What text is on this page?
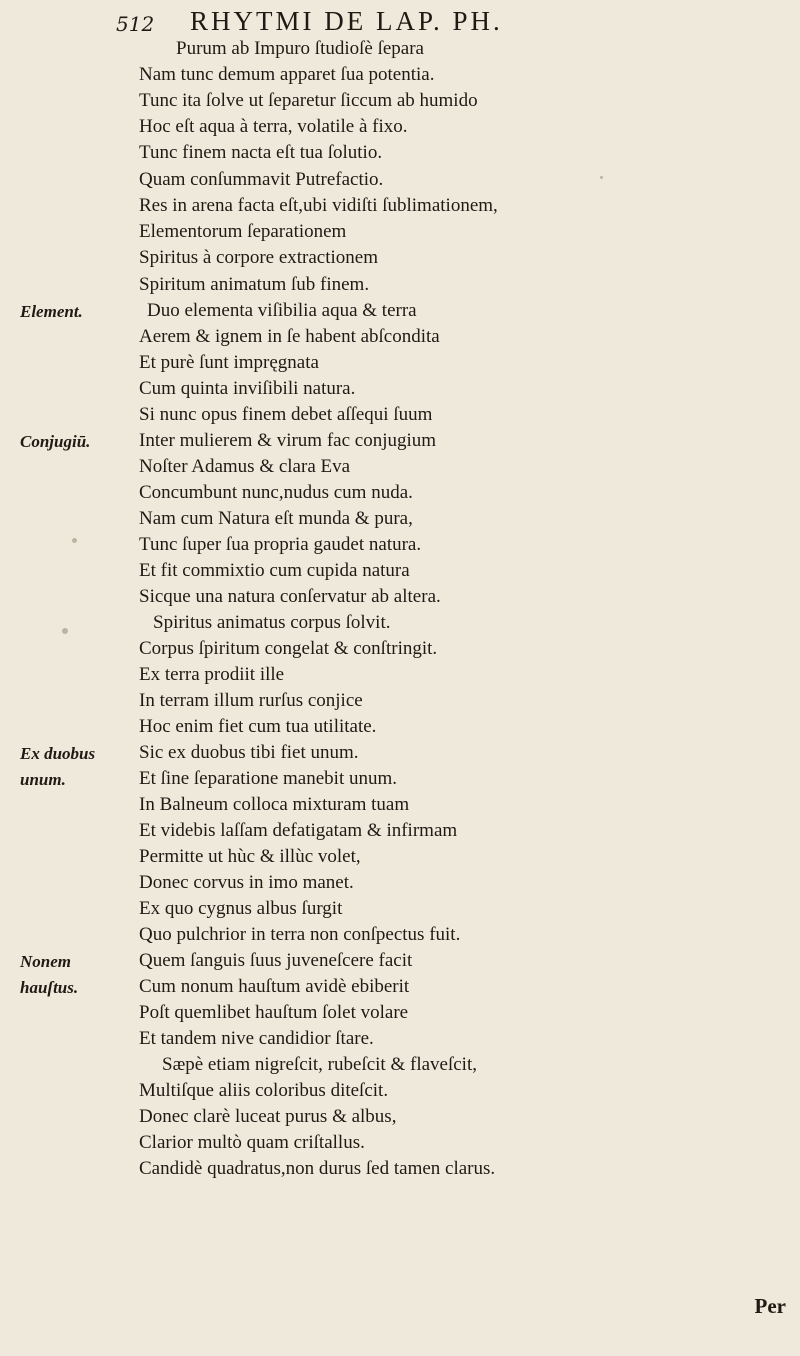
512 RHYTMI DE LAP. PH.
Purum ab Impuro ſtudioſè ſepara
Nam tunc demum apparet ſua potentia.
Tunc ita ſolve ut ſeparetur ſiccum ab humido
Hoc eſt aqua à terra, volatile à fixo.
Tunc finem nacta eſt tua ſolutio.
Quam conſummavit Putrefactio.
Res in arena facta eſt,ubi vidiſti ſublimationem,
Elementorum ſeparationem
Spiritus à corpore extractionem
Spiritum animatum ſub finem.
Duo elementa viſibilia aqua & terra
Aerem & ignem in ſe habent abſcondita
Et purè ſunt impręgnata
Cum quinta inviſibili natura.
Si nunc opus finem debet aſſequi ſuum
Inter mulierem & virum fac conjugium
Noſter Adamus & clara Eva
Concumbunt nunc,nudus cum nuda.
Nam cum Natura eſt munda & pura,
Tunc ſuper ſua propria gaudet natura.
Et fit commixtio cum cupida natura
Sicque una natura conſervatur ab altera.
Spiritus animatus corpus ſolvit.
Corpus ſpiritum congelat & conſtringit.
Ex terra prodiit ille
In terram illum rurſus conjice
Hoc enim fiet cum tua utilitate.
Sic ex duobus tibi fiet unum.
Et ſine ſeparatione manebit unum.
In Balneum colloca mixturam tuam
Et videbis laſſam defatigatam & infirmam
Permitte ut hùc & illùc volet,
Donec corvus in imo manet.
Ex quo cygnus albus ſurgit
Quo pulchrior in terra non conſpectus fuit.
Quem ſanguis ſuus juveneſcere facit
Cum nonum hauſtum avidè ebiberit
Poſt quemlibet hauſtum ſolet volare
Et tandem nive candidior ſtare.
Sæpè etiam nigreſcit, rubeſcit & flaveſcit,
Multiſque aliis coloribus diteſcit.
Donec clarè luceat purus & albus,
Clarior multò quam criſtallus.
Candidè quadratus,non durus ſed tamen clarus.
Element.
Conjugiū.
Ex duobus
unum.
Nonem
hauſtus.
Per
